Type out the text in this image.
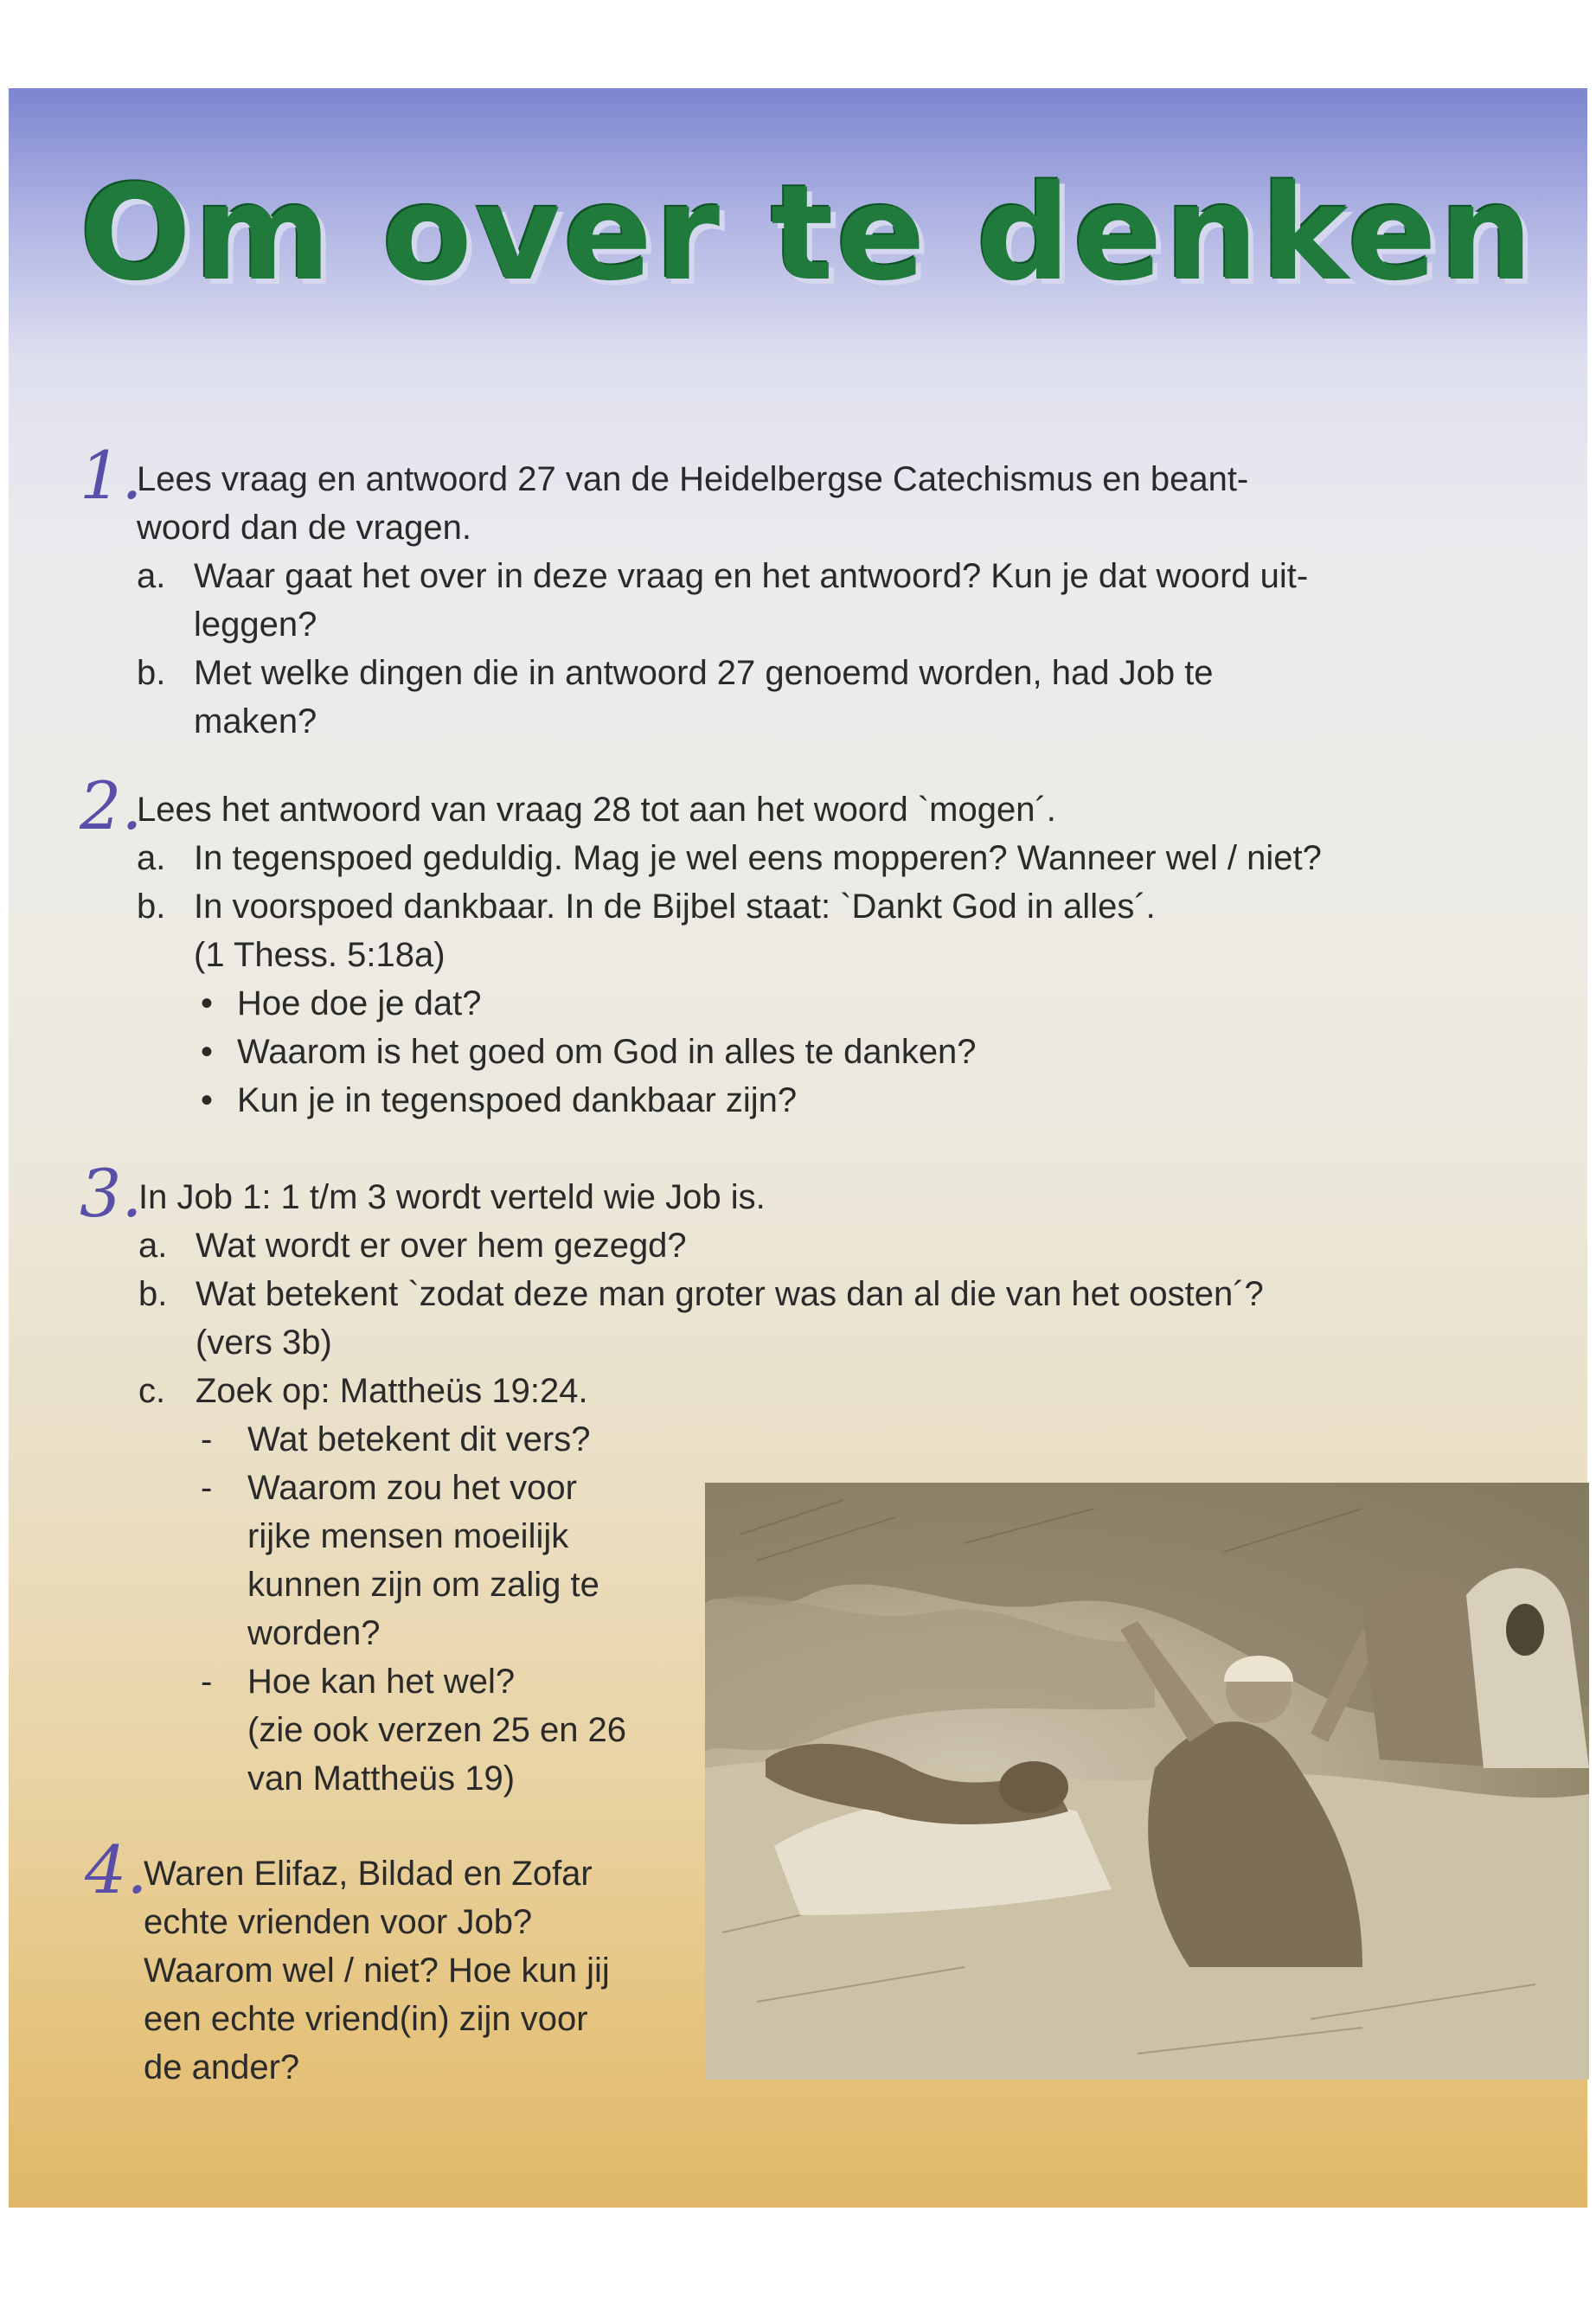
Om over te denken
1.
Lees vraag en antwoord 27 van de Heidelbergse Catechismus en beant-
woord dan de vragen.
a. Waar gaat het over in deze vraag en het antwoord? Kun je dat woord uit-
leggen?
b. Met welke dingen die in antwoord 27 genoemd worden, had Job te
maken?
2.
Lees het antwoord van vraag 28 tot aan het woord `mogen´.
a. In tegenspoed geduldig. Mag je wel eens mopperen? Wanneer wel / niet?
b. In voorspoed dankbaar. In de Bijbel staat: `Dankt God in alles´.
(1 Thess. 5:18a)
• Hoe doe je dat?
• Waarom is het goed om God in alles te danken?
• Kun je in tegenspoed dankbaar zijn?
3.
In Job 1: 1 t/m 3 wordt verteld wie Job is.
a. Wat wordt er over hem gezegd?
b. Wat betekent `zodat deze man groter was dan al die van het oosten´?
(vers 3b)
c. Zoek op: Mattheüs 19:24.
- Wat betekent dit vers?
- Waarom zou het voor
rijke mensen moeilijk
kunnen zijn om zalig te
worden?
- Hoe kan het wel?
(zie ook verzen 25 en 26
van Mattheüs 19)
4.
Waren Elifaz, Bildad en Zofar
echte vrienden voor Job?
Waarom wel / niet? Hoe kun jij
een echte vriend(in) zijn voor
de ander?
